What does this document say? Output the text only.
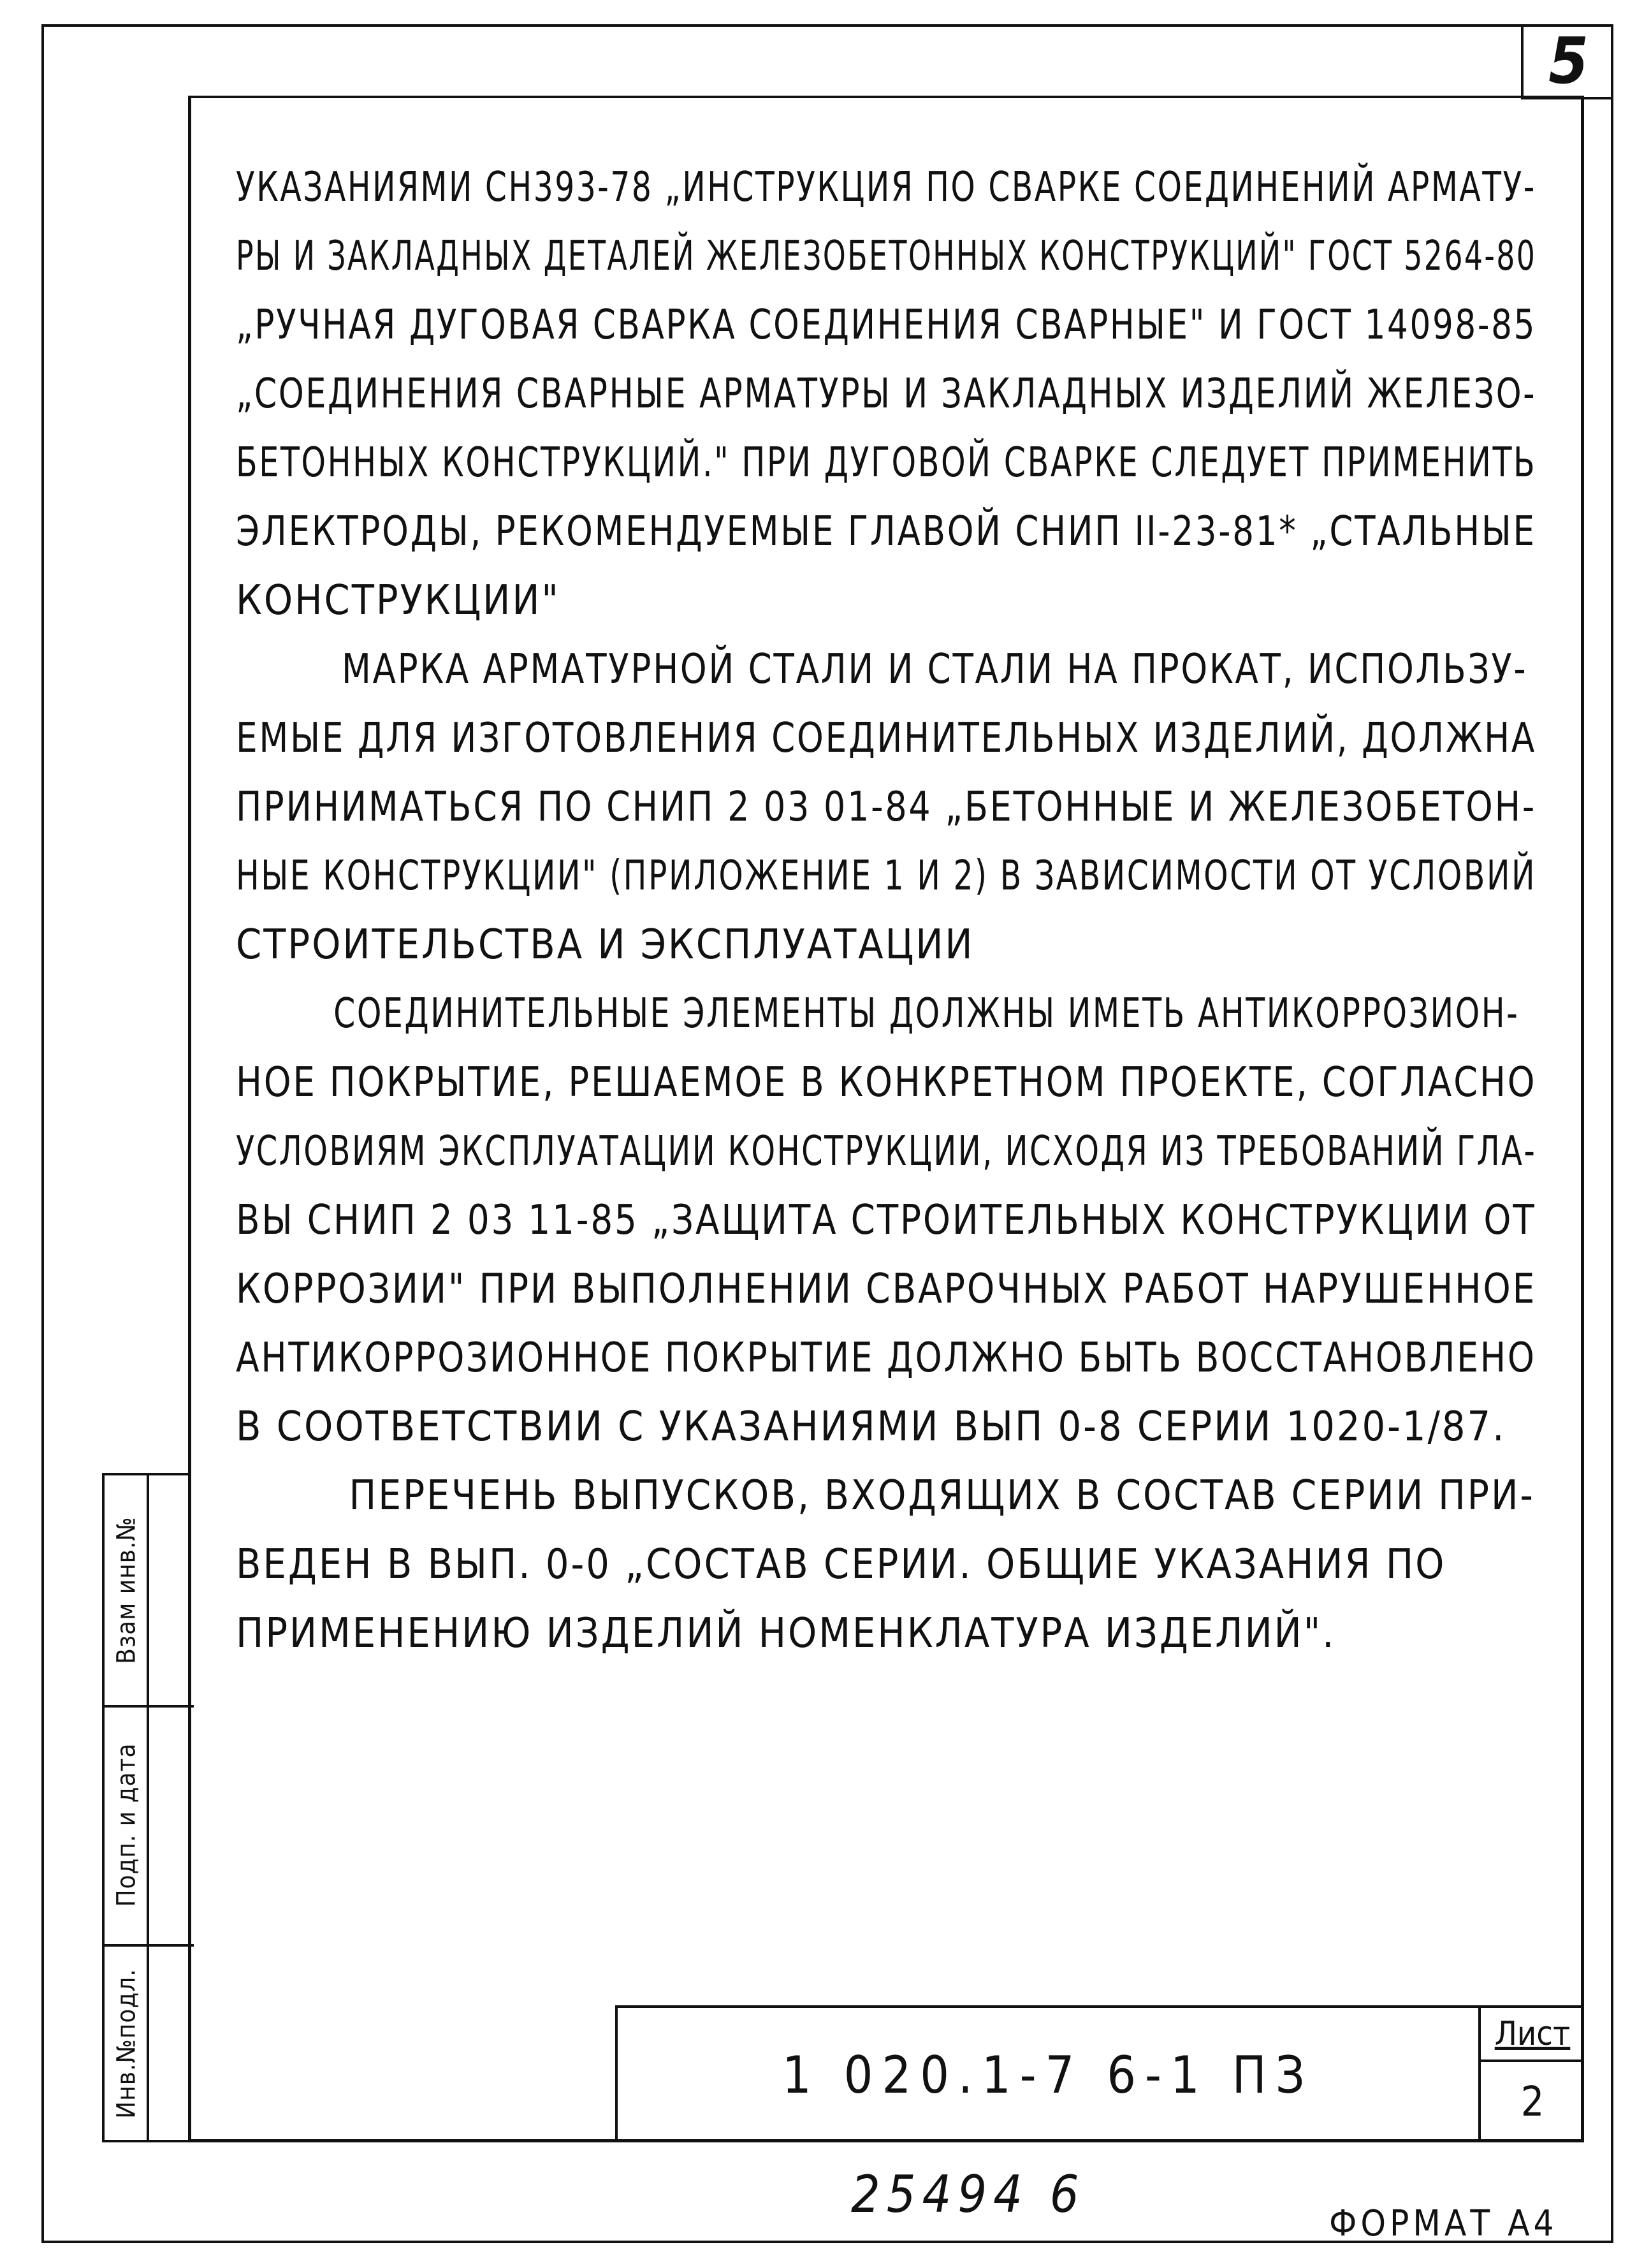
5
УКАЗАНИЯМИ СН393-78 „ИНСТРУКЦИЯ ПО СВАРКЕ СОЕДИНЕНИЙ АРМАТУ-
РЫ И ЗАКЛАДНЫХ ДЕТАЛЕЙ ЖЕЛЕЗОБЕТОННЫХ КОНСТРУКЦИЙ" ГОСТ 5264-80
„РУЧНАЯ ДУГОВАЯ СВАРКА СОЕДИНЕНИЯ СВАРНЫЕ" И ГОСТ 14098-85
„СОЕДИНЕНИЯ СВАРНЫЕ АРМАТУРЫ И ЗАКЛАДНЫХ ИЗДЕЛИЙ ЖЕЛЕЗО-
БЕТОННЫХ КОНСТРУКЦИЙ." ПРИ ДУГОВОЙ СВАРКЕ СЛЕДУЕТ ПРИМЕНИТЬ
ЭЛЕКТРОДЫ, РЕКОМЕНДУЕМЫЕ ГЛАВОЙ СНИП II-23-81* „СТАЛЬНЫЕ
КОНСТРУКЦИИ"
МАРКА АРМАТУРНОЙ СТАЛИ И СТАЛИ НА ПРОКАТ, ИСПОЛЬЗУ-
ЕМЫЕ ДЛЯ ИЗГОТОВЛЕНИЯ СОЕДИНИТЕЛЬНЫХ ИЗДЕЛИЙ, ДОЛЖНА
ПРИНИМАТЬСЯ ПО СНИП 2 03 01-84 „БЕТОННЫЕ И ЖЕЛЕЗОБЕТОН-
НЫЕ КОНСТРУКЦИИ" (ПРИЛОЖЕНИЕ 1 И 2) В ЗАВИСИМОСТИ ОТ УСЛОВИЙ
СТРОИТЕЛЬСТВА И ЭКСПЛУАТАЦИИ
СОЕДИНИТЕЛЬНЫЕ ЭЛЕМЕНТЫ ДОЛЖНЫ ИМЕТЬ АНТИКОРРОЗИОН-
НОЕ ПОКРЫТИЕ, РЕШАЕМОЕ В КОНКРЕТНОМ ПРОЕКТЕ, СОГЛАСНО
УСЛОВИЯМ ЭКСПЛУАТАЦИИ КОНСТРУКЦИИ, ИСХОДЯ ИЗ ТРЕБОВАНИЙ ГЛА-
ВЫ СНИП 2 03 11-85 „ЗАЩИТА СТРОИТЕЛЬНЫХ КОНСТРУКЦИИ ОТ
КОРРОЗИИ" ПРИ ВЫПОЛНЕНИИ СВАРОЧНЫХ РАБОТ НАРУШЕННОЕ
АНТИКОРРОЗИОННОЕ ПОКРЫТИЕ ДОЛЖНО БЫТЬ ВОССТАНОВЛЕНО
В СООТВЕТСТВИИ С УКАЗАНИЯМИ ВЫП 0-8 СЕРИИ 1020-1/87.
ПЕРЕЧЕНЬ ВЫПУСКОВ, ВХОДЯЩИХ В СОСТАВ СЕРИИ ПРИ-
ВЕДЕН В ВЫП. 0-0 „СОСТАВ СЕРИИ. ОБЩИЕ УКАЗАНИЯ ПО
ПРИМЕНЕНИЮ ИЗДЕЛИЙ НОМЕНКЛАТУРА ИЗДЕЛИЙ".
Взам инв.№
Подп. и дата
Инв.№подл.	1 020.1-7 6-1 ПЗ
Лист
2
25494 6	ФОРМАТ А4
